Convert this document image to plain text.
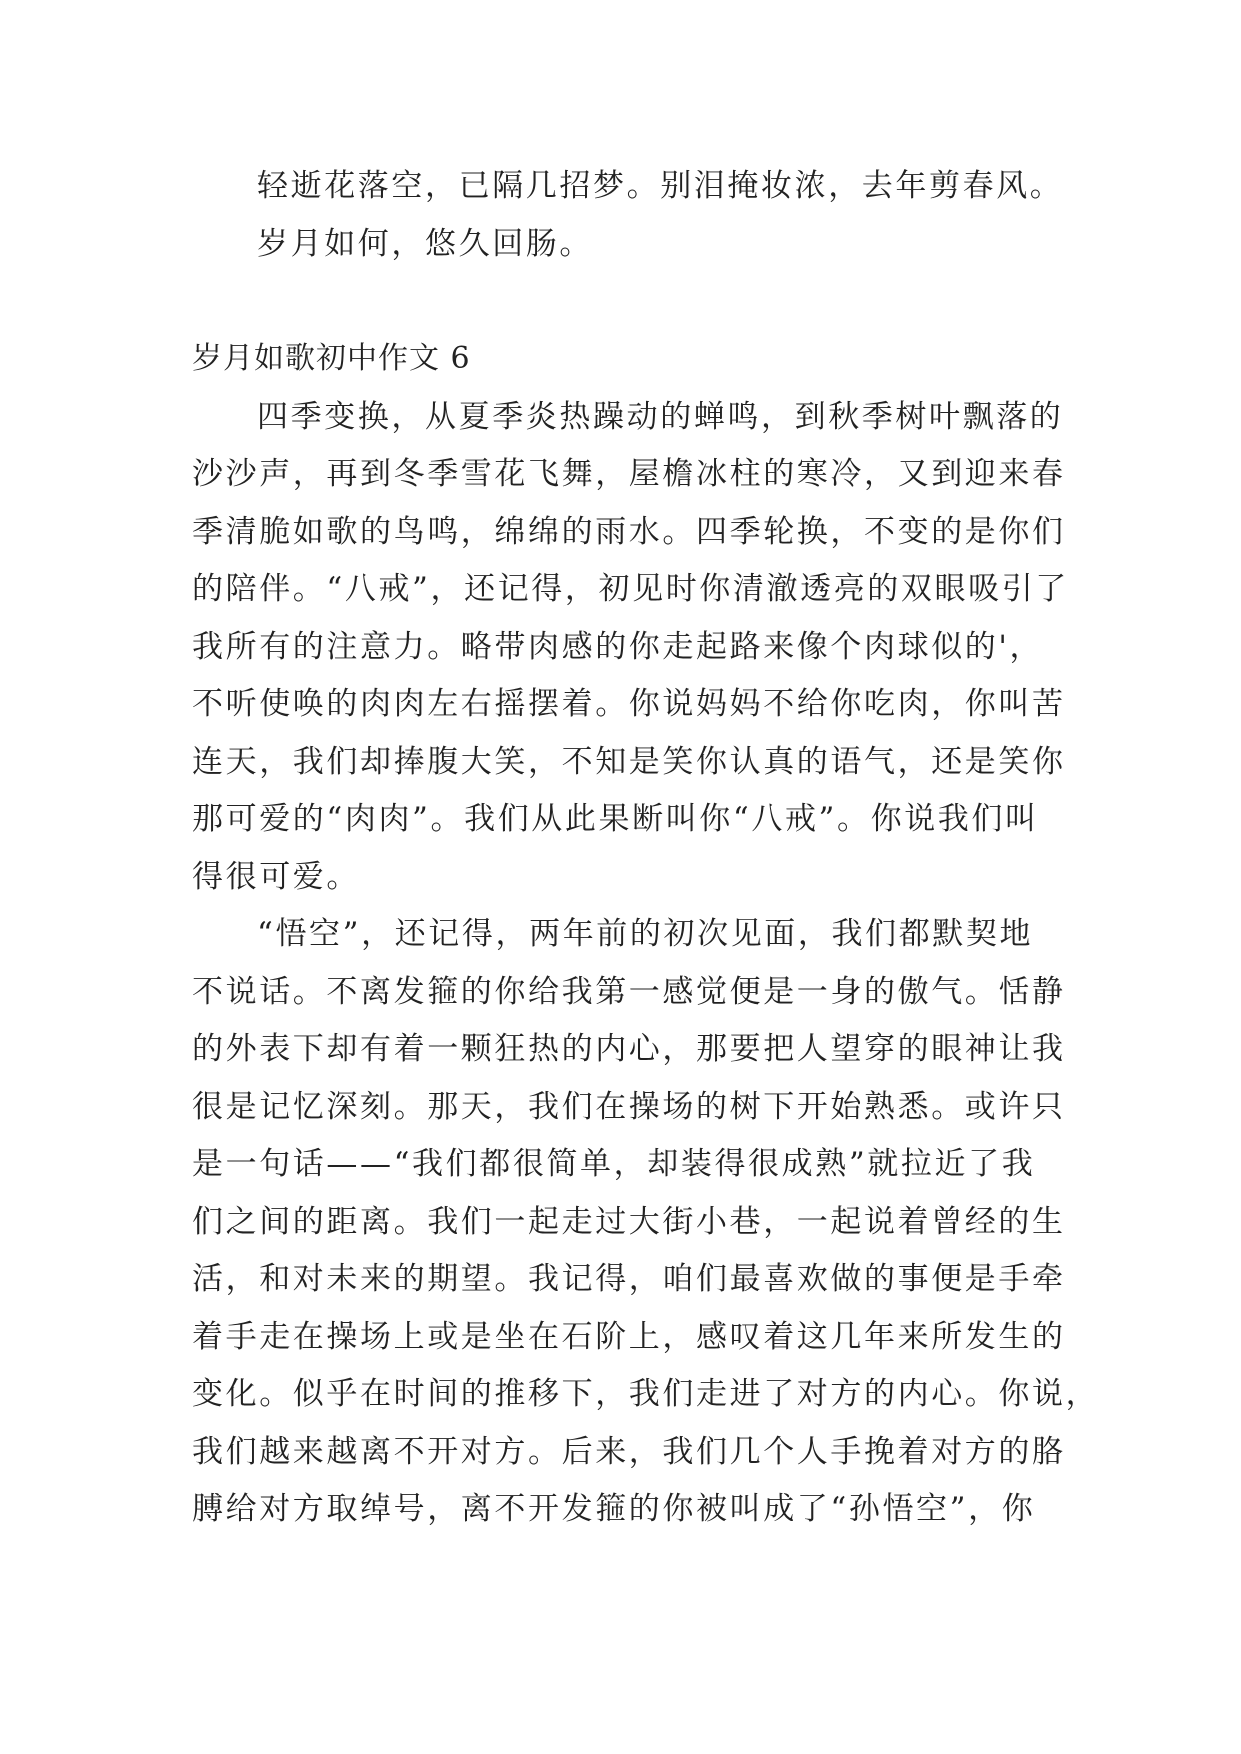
轻逝花落空，已隔几招梦。别泪掩妆浓，去年剪春风。
岁月如何，悠久回肠。
岁月如歌初中作文 6
四季变换，从夏季炎热躁动的蝉鸣，到秋季树叶飘落的
沙沙声，再到冬季雪花飞舞，屋檐冰柱的寒冷，又到迎来春
季清脆如歌的鸟鸣，绵绵的雨水。四季轮换，不变的是你们
的陪伴。“八戒”，还记得，初见时你清澈透亮的双眼吸引了
我所有的注意力。略带肉感的你走起路来像个肉球似的'，
不听使唤的肉肉左右摇摆着。你说妈妈不给你吃肉，你叫苦
连天，我们却捧腹大笑，不知是笑你认真的语气，还是笑你
那可爱的“肉肉”。我们从此果断叫你“八戒”。你说我们叫
得很可爱。
“悟空”，还记得，两年前的初次见面，我们都默契地
不说话。不离发箍的你给我第一感觉便是一身的傲气。恬静
的外表下却有着一颗狂热的内心，那要把人望穿的眼神让我
很是记忆深刻。那天，我们在操场的树下开始熟悉。或许只
是一句话——“我们都很简单，却装得很成熟”就拉近了我
们之间的距离。我们一起走过大街小巷，一起说着曾经的生
活，和对未来的期望。我记得，咱们最喜欢做的事便是手牵
着手走在操场上或是坐在石阶上，感叹着这几年来所发生的
变化。似乎在时间的推移下，我们走进了对方的内心。你说，
我们越来越离不开对方。后来，我们几个人手挽着对方的胳
膊给对方取绰号，离不开发箍的你被叫成了“孙悟空”，你
